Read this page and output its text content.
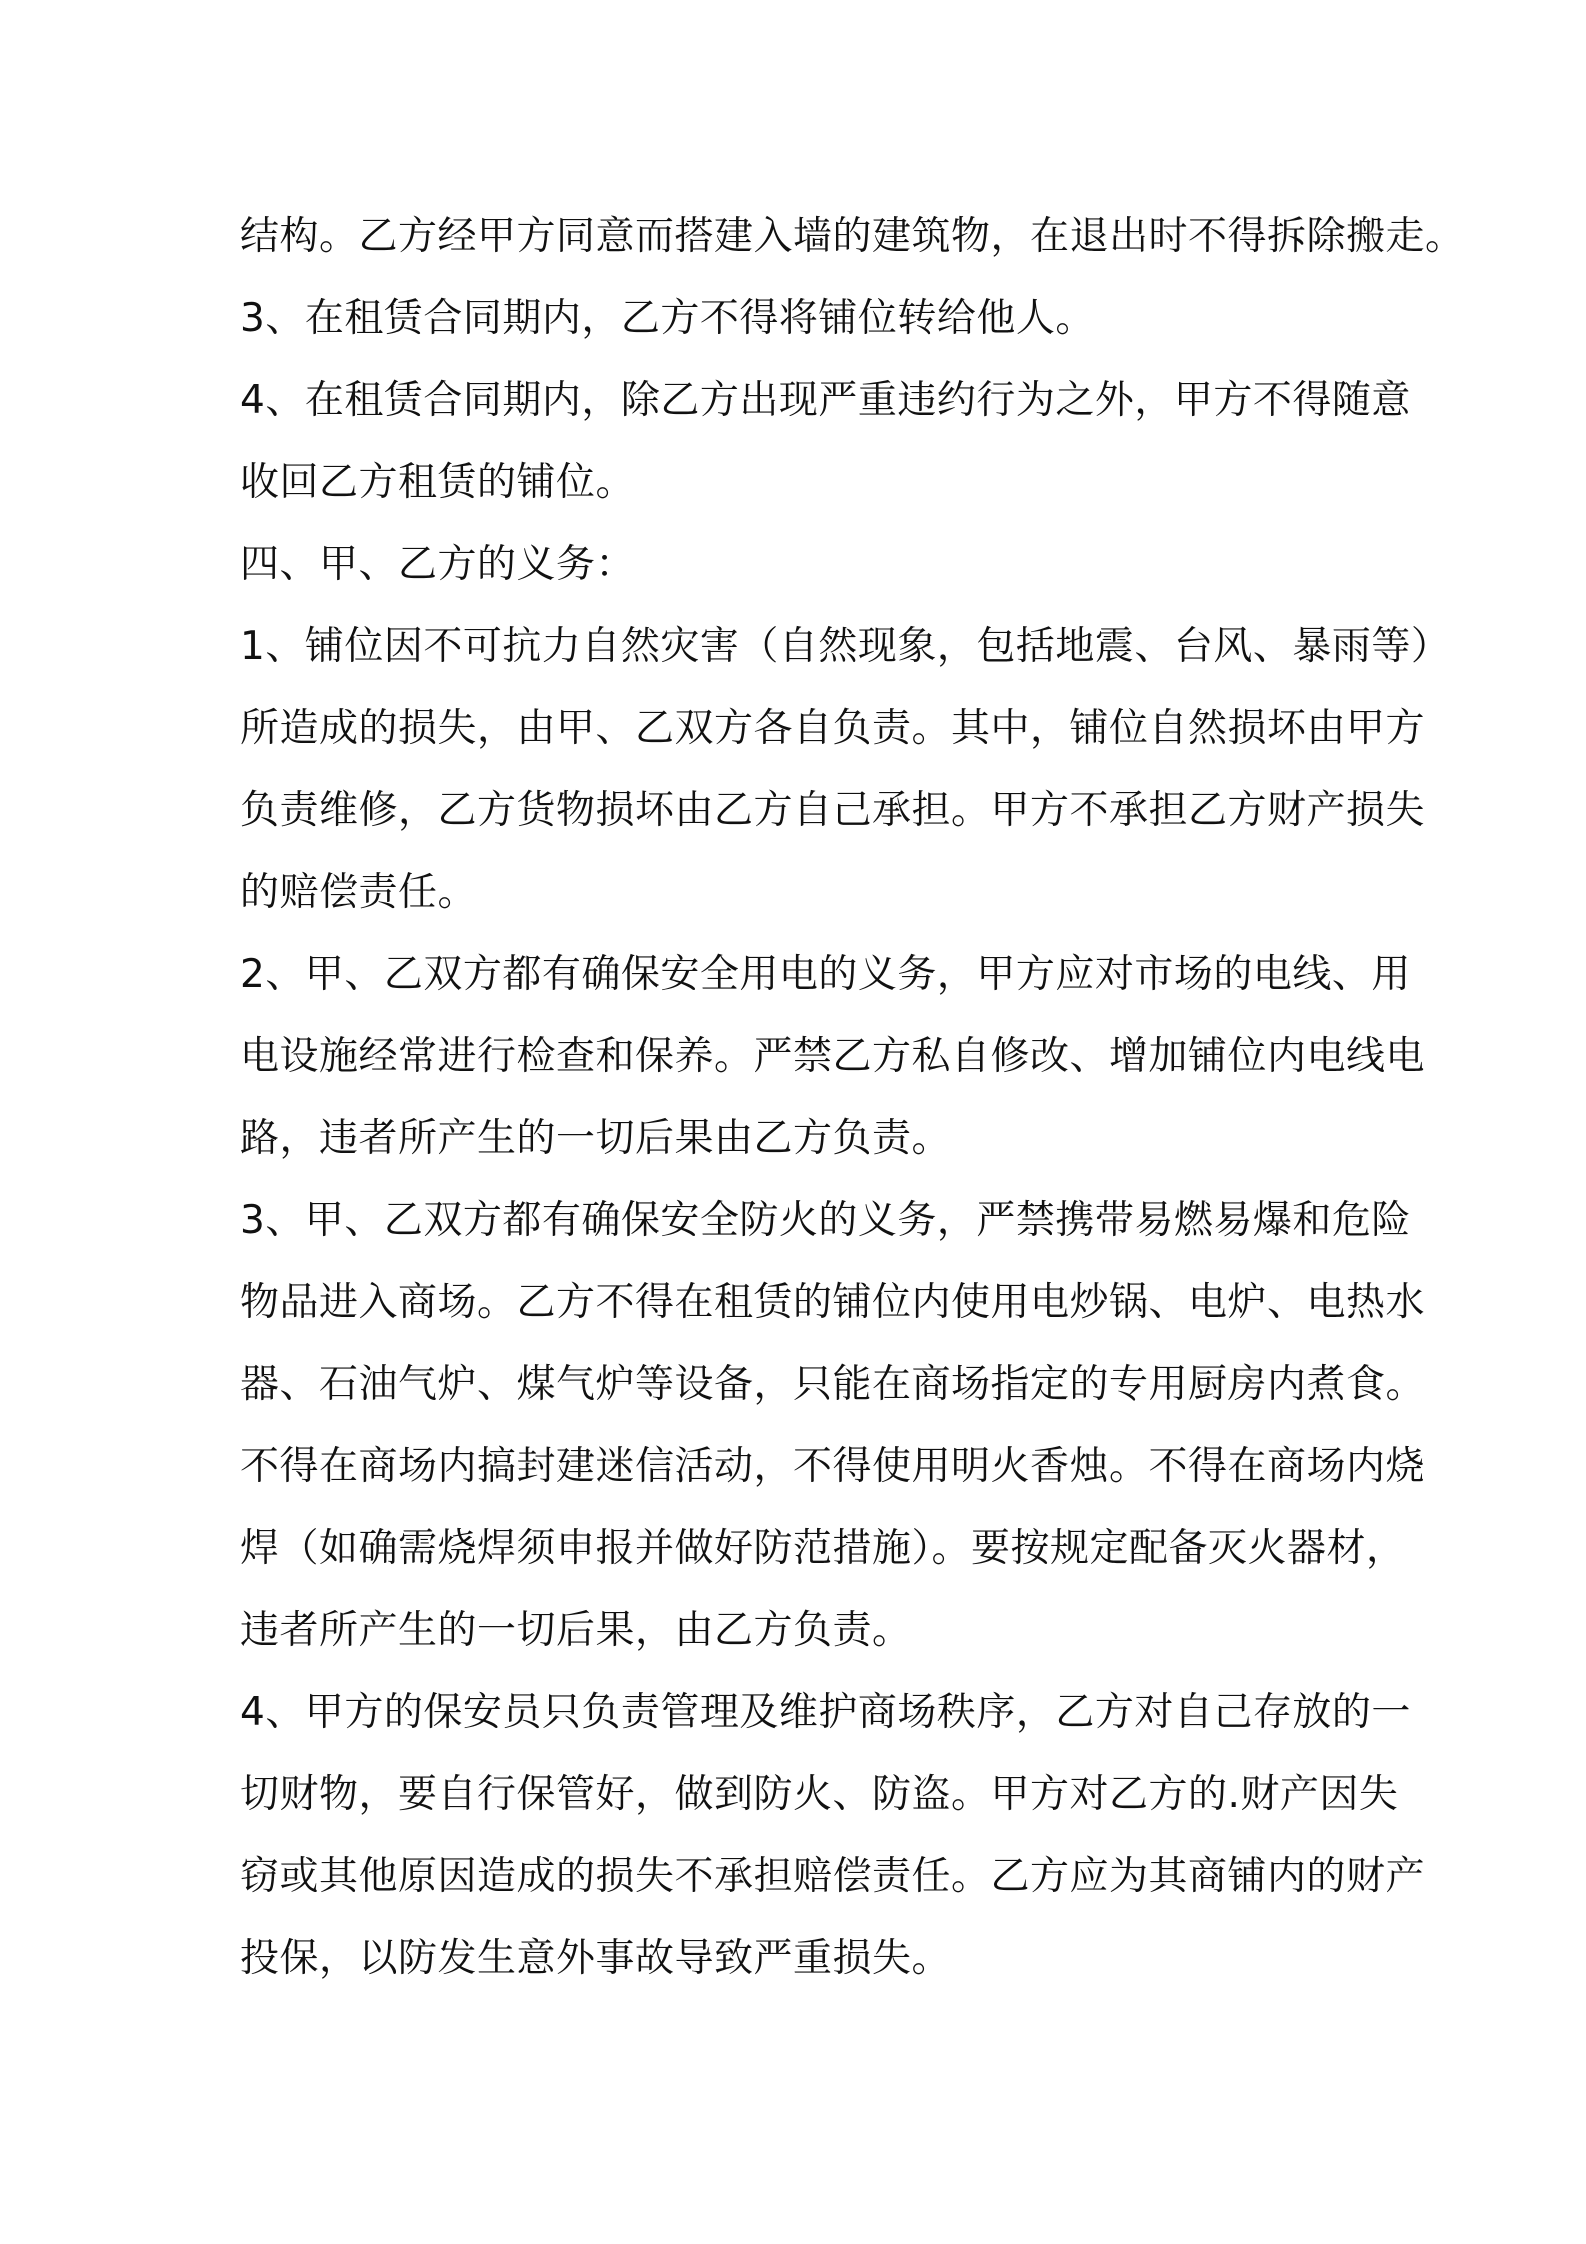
结构。乙方经甲方同意而搭建入墙的建筑物，在退出时不得拆除搬走。
3、在租赁合同期内，乙方不得将铺位转给他人。
4、在租赁合同期内，除乙方出现严重违约行为之外，甲方不得随意
收回乙方租赁的铺位。
四、甲、乙方的义务：
1、铺位因不可抗力自然灾害（自然现象，包括地震、台风、暴雨等）
所造成的损失，由甲、乙双方各自负责。其中，铺位自然损坏由甲方
负责维修，乙方货物损坏由乙方自己承担。甲方不承担乙方财产损失
的赔偿责任。
2、甲、乙双方都有确保安全用电的义务，甲方应对市场的电线、用
电设施经常进行检查和保养。严禁乙方私自修改、增加铺位内电线电
路，违者所产生的一切后果由乙方负责。
3、甲、乙双方都有确保安全防火的义务，严禁携带易燃易爆和危险
物品进入商场。乙方不得在租赁的铺位内使用电炒锅、电炉、电热水
器、石油气炉、煤气炉等设备，只能在商场指定的专用厨房内煮食。
不得在商场内搞封建迷信活动，不得使用明火香烛。不得在商场内烧
焊（如确需烧焊须申报并做好防范措施）。要按规定配备灭火器材，
违者所产生的一切后果，由乙方负责。
4、甲方的保安员只负责管理及维护商场秩序，乙方对自己存放的一
切财物，要自行保管好，做到防火、防盗。甲方对乙方的.财产因失
窃或其他原因造成的损失不承担赔偿责任。乙方应为其商铺内的财产
投保，以防发生意外事故导致严重损失。
